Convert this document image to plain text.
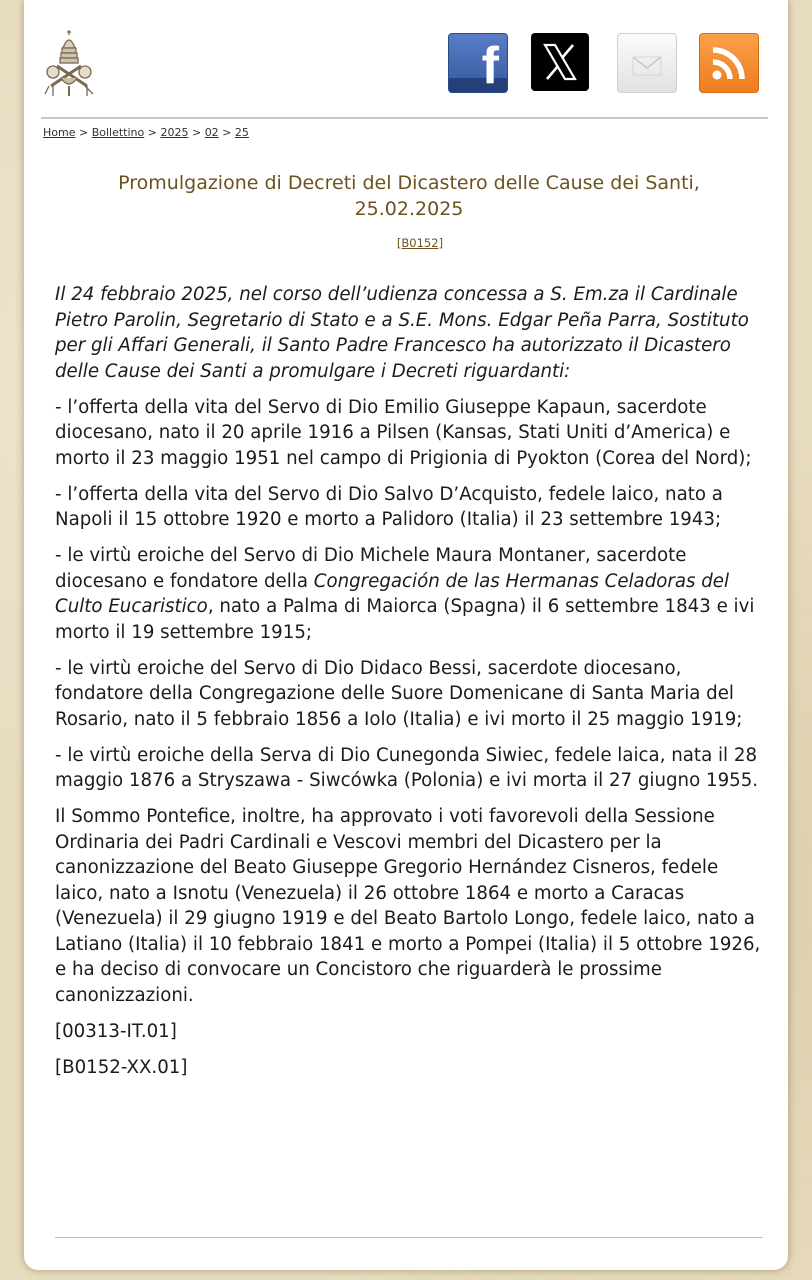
f
Home > Bollettino > 2025 > 02 > 25
Promulgazione di Decreti del Dicastero delle Cause dei Santi, 25.02.2025
[B0152]

Il 24 febbraio 2025, nel corso dell’udienza concessa a S. Em.za il Cardinale Pietro Parolin, Segretario di Stato e a S.E. Mons. Edgar Peña Parra, Sostituto per gli Affari Generali, il Santo Padre Francesco ha autorizzato il Dicastero delle Cause dei Santi a promulgare i Decreti riguardanti:

- l’offerta della vita del Servo di Dio Emilio Giuseppe Kapaun, sacerdote diocesano, nato il 20 aprile 1916 a Pilsen (Kansas, Stati Uniti d’America) e morto il 23 maggio 1951 nel campo di Prigionia di Pyokton (Corea del Nord);

- l’offerta della vita del Servo di Dio Salvo D’Acquisto, fedele laico, nato a Napoli il 15 ottobre 1920 e morto a Palidoro (Italia) il 23 settembre 1943;

- le virtù eroiche del Servo di Dio Michele Maura Montaner, sacerdote diocesano e fondatore della Congregación de las Hermanas Celadoras del Culto Eucaristico, nato a Palma di Maiorca (Spagna) il 6 settembre 1843 e ivi morto il 19 settembre 1915;

- le virtù eroiche del Servo di Dio Didaco Bessi, sacerdote diocesano, fondatore della Congregazione delle Suore Domenicane di Santa Maria del Rosario, nato il 5 febbraio 1856 a Iolo (Italia) e ivi morto il 25 maggio 1919;

- le virtù eroiche della Serva di Dio Cunegonda Siwiec, fedele laica, nata il 28 maggio 1876 a Stryszawa - Siwcówka (Polonia) e ivi morta il 27 giugno 1955.

Il Sommo Pontefice, inoltre, ha approvato i voti favorevoli della Sessione Ordinaria dei Padri Cardinali e Vescovi membri del Dicastero per la canonizzazione del Beato Giuseppe Gregorio Hernández Cisneros, fedele laico, nato a Isnotu (Venezuela) il 26 ottobre 1864 e morto a Caracas (Venezuela) il 29 giugno 1919 e del Beato Bartolo Longo, fedele laico, nato a Latiano (Italia) il 10 febbraio 1841 e morto a Pompei (Italia) il 5 ottobre 1926, e ha deciso di convocare un Concistoro che riguarderà le prossime canonizzazioni.

[00313-IT.01]

[B0152-XX.01]
